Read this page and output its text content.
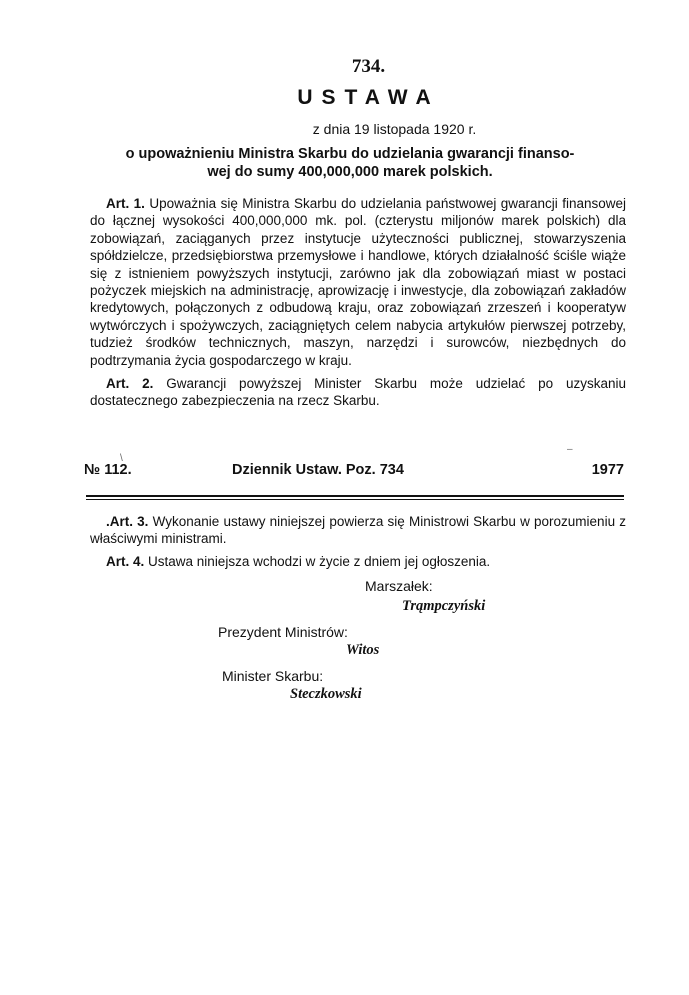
734.
USTAWA
z dnia 19 listopada 1920 r.
o upoważnieniu Ministra Skarbu do udzielania gwarancji finanso-
wej do sumy 400,000,000 marek polskich.
Art. 1. Upoważnia się Ministra Skarbu do udzielania państwowej gwarancji finansowej do łącznej wysokości 400,000,000 mk. pol. (czterystu miljonów marek polskich) dla zobowiązań, zaciąganych przez instytucje użyteczności publicznej, stowarzyszenia spółdzielcze, przedsiębiorstwa przemysłowe i handlowe, których działalność ściśle wiąże się z istnieniem powyższych instytucji, zarówno jak dla zobowiązań miast w postaci pożyczek miejskich na administrację, aprowizację i inwestycje, dla zobowiązań zakładów kredytowych, połączonych z odbudową kraju, oraz zobowiązań zrzeszeń i kooperatyw wytwórczych i spożywczych, zaciągniętych celem nabycia artykułów pierwszej potrzeby, tudzież środków technicznych, maszyn, narzędzi i surowców, niezbędnych do podtrzymania życia gospodarczego w kraju.
Art. 2. Gwarancji powyższej Minister Skarbu może udzielać po uzyskaniu dostatecznego zabezpieczenia na rzecz Skarbu.
\
–
№ 112.	Dziennik Ustaw. Poz. 734	1977
.Art. 3. Wykonanie ustawy niniejszej powierza się Ministrowi Skarbu w porozumieniu z właściwymi ministrami.
Art. 4. Ustawa niniejsza wchodzi w życie z dniem jej ogłoszenia.
Marszałek:
Trąmpczyński
Prezydent Ministrów:
Witos
Minister Skarbu:
Steczkowski
